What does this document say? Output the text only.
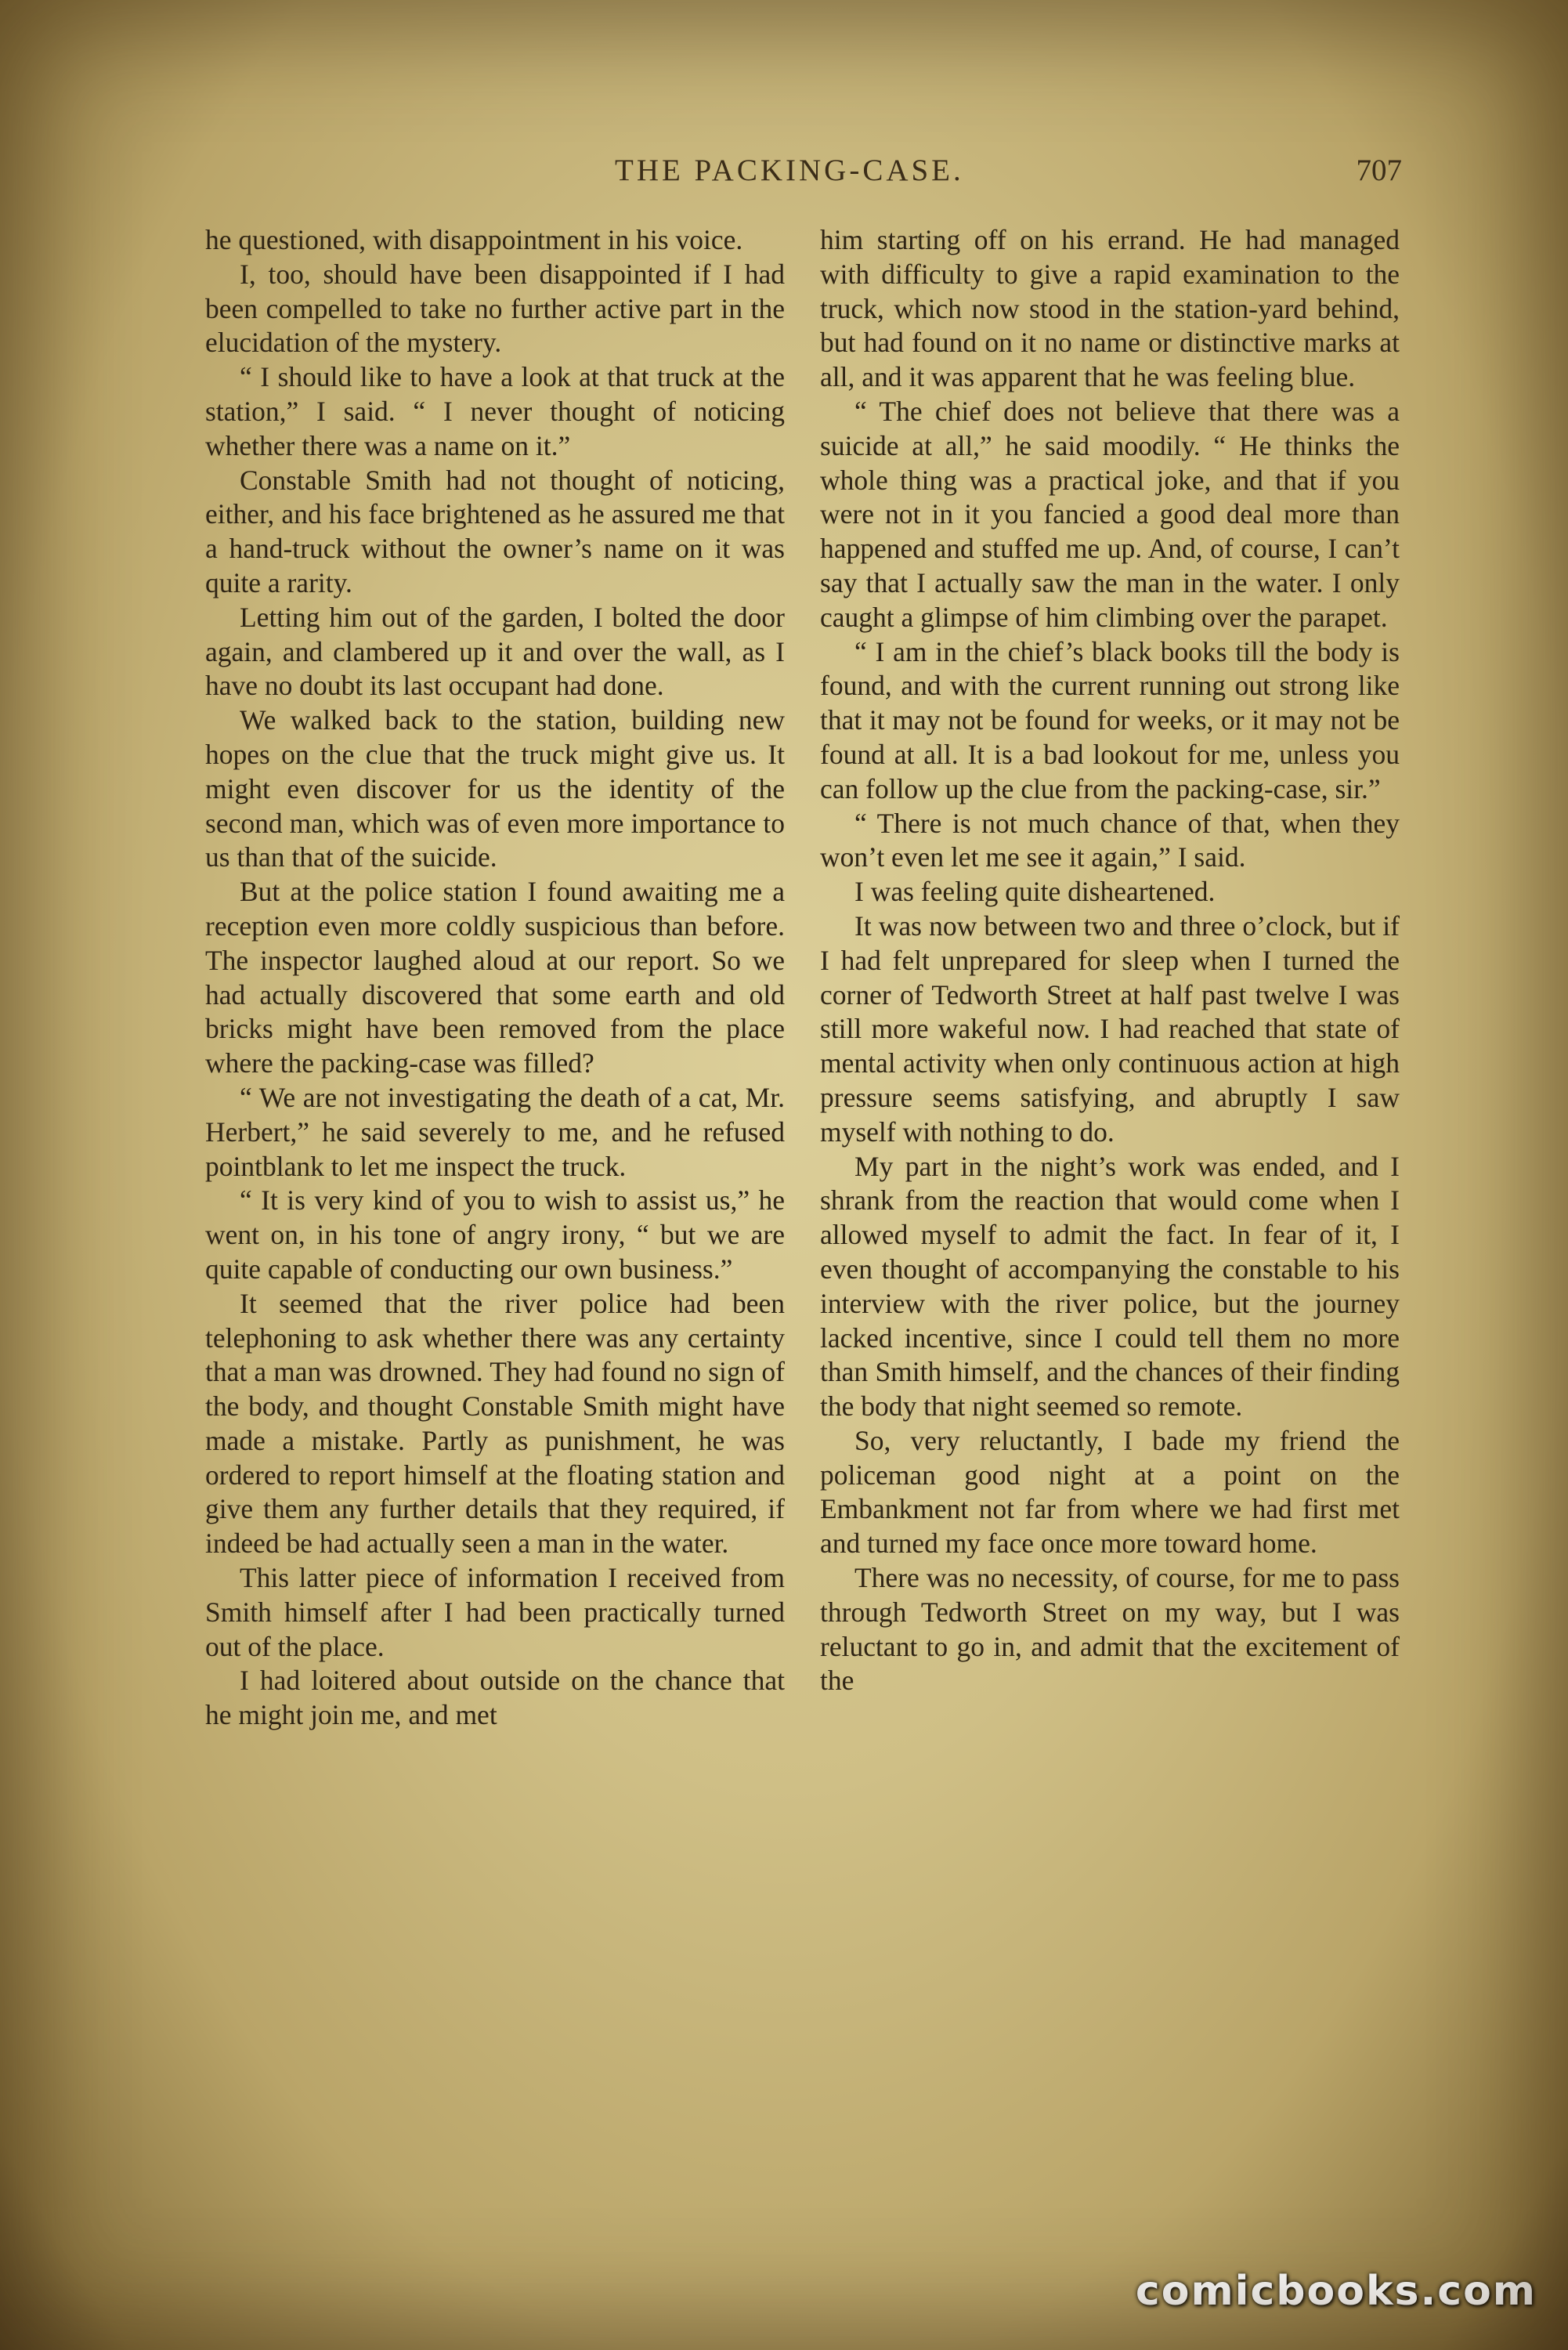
THE PACKING-CASE.	707

he questioned, with disappointment in his voice.

I, too, should have been disappointed if I had been compelled to take no further active part in the elucidation of the mystery.

“ I should like to have a look at that truck at the station,” I said. “ I never thought of noticing whether there was a name on it.”

Constable Smith had not thought of noticing, either, and his face brightened as he assured me that a hand-truck without the owner’s name on it was quite a rarity.

Letting him out of the garden, I bolted the door again, and clambered up it and over the wall, as I have no doubt its last occupant had done.

We walked back to the station, building new hopes on the clue that the truck might give us. It might even discover for us the identity of the second man, which was of even more importance to us than that of the suicide.

But at the police station I found awaiting me a reception even more coldly suspicious than before. The inspector laughed aloud at our report. So we had actually discovered that some earth and old bricks might have been removed from the place where the packing-case was filled?

“ We are not investigating the death of a cat, Mr. Herbert,” he said severely to me, and he refused pointblank to let me inspect the truck.

“ It is very kind of you to wish to assist us,” he went on, in his tone of angry irony, “ but we are quite capable of conducting our own business.”

It seemed that the river police had been telephoning to ask whether there was any certainty that a man was drowned. They had found no sign of the body, and thought Constable Smith might have made a mistake. Partly as punishment, he was ordered to report himself at the floating station and give them any further details that they required, if indeed be had actually seen a man in the water.

This latter piece of information I received from Smith himself after I had been practically turned out of the place.

I had loitered about outside on the chance that he might join me, and met

him starting off on his errand. He had managed with difficulty to give a rapid examination to the truck, which now stood in the station-yard behind, but had found on it no name or distinctive marks at all, and it was apparent that he was feeling blue.

“ The chief does not believe that there was a suicide at all,” he said moodily. “ He thinks the whole thing was a practical joke, and that if you were not in it you fancied a good deal more than happened and stuffed me up. And, of course, I can’t say that I actually saw the man in the water. I only caught a glimpse of him climbing over the parapet.

“ I am in the chief’s black books till the body is found, and with the current running out strong like that it may not be found for weeks, or it may not be found at all. It is a bad lookout for me, unless you can follow up the clue from the packing-case, sir.”

“ There is not much chance of that, when they won’t even let me see it again,” I said.

I was feeling quite disheartened.

It was now between two and three o’clock, but if I had felt unprepared for sleep when I turned the corner of Tedworth Street at half past twelve I was still more wakeful now. I had reached that state of mental activity when only continuous action at high pressure seems satisfying, and abruptly I saw myself with nothing to do.

My part in the night’s work was ended, and I shrank from the reaction that would come when I allowed myself to admit the fact. In fear of it, I even thought of accompanying the constable to his interview with the river police, but the journey lacked incentive, since I could tell them no more than Smith himself, and the chances of their finding the body that night seemed so remote.

So, very reluctantly, I bade my friend the policeman good night at a point on the Embankment not far from where we had first met and turned my face once more toward home.

There was no necessity, of course, for me to pass through Tedworth Street on my way, but I was reluctant to go in, and admit that the excitement of the

comicbooks.com
